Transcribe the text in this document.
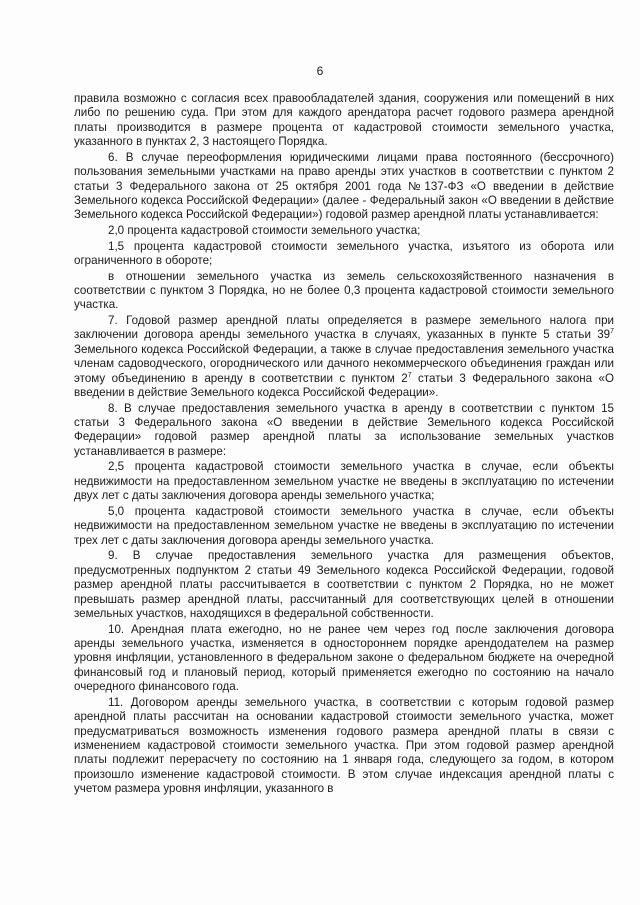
6

правила возможно с согласия всех правообладателей здания, сооружения или помещений в них либо по решению суда. При этом для каждого арендатора расчет годового размера арендной платы производится в размере процента от кадастровой стоимости земельного участка, указанного в пунктах 2, 3 настоящего Порядка.

6. В случае переоформления юридическими лицами права постоянного (бессрочного) пользования земельными участками на право аренды этих участков в соответствии с пунктом 2 статьи 3 Федерального закона от 25 октября 2001 года №137-ФЗ «О введении в действие Земельного кодекса Российской Федерации» (далее - Федеральный закон «О введении в действие Земельного кодекса Российской Федерации») годовой размер арендной платы устанавливается:

2,0 процента кадастровой стоимости земельного участка;

1,5 процента кадастровой стоимости земельного участка, изъятого из оборота или ограниченного в обороте;

в отношении земельного участка из земель сельскохозяйственного назначения в соответствии с пунктом 3 Порядка, но не более 0,3 процента кадастровой стоимости земельного участка.

7. Годовой размер арендной платы определяется в размере земельного налога при заключении договора аренды земельного участка в случаях, указанных в пункте 5 статьи $39^7$ Земельного кодекса Российской Федерации, а также в случае предоставления земельного участка членам садоводческого, огороднического или дачного некоммерческого объединения граждан или этому объединению в аренду в соответствии с пунктом $2^7$ статьи 3 Федерального закона «О введении в действие Земельного кодекса Российской Федерации».

8. В случае предоставления земельного участка в аренду в соответствии с пунктом 15 статьи 3 Федерального закона «О введении в действие Земельного кодекса Российской Федерации» годовой размер арендной платы за использование земельных участков устанавливается в размере:

2,5 процента кадастровой стоимости земельного участка в случае, если объекты недвижимости на предоставленном земельном участке не введены в эксплуатацию по истечении двух лет с даты заключения договора аренды земельного участка;

5,0 процента кадастровой стоимости земельного участка в случае, если объекты недвижимости на предоставленном земельном участке не введены в эксплуатацию по истечении трех лет с даты заключения договора аренды земельного участка.

9. В случае предоставления земельного участка для размещения объектов, предусмотренных подпунктом 2 статьи 49 Земельного кодекса Российской Федерации, годовой размер арендной платы рассчитывается в соответствии с пунктом 2 Порядка, но не может превышать размер арендной платы, рассчитанный для соответствующих целей в отношении земельных участков, находящихся в федеральной собственности.

10. Арендная плата ежегодно, но не ранее чем через год после заключения договора аренды земельного участка, изменяется в одностороннем порядке арендодателем на размер уровня инфляции, установленного в федеральном законе о федеральном бюджете на очередной финансовый год и плановый период, который применяется ежегодно по состоянию на начало очередного финансового года.

11. Договором аренды земельного участка, в соответствии с которым годовой размер арендной платы рассчитан на основании кадастровой стоимости земельного участка, может предусматриваться возможность изменения годового размера арендной платы в связи с изменением кадастровой стоимости земельного участка. При этом годовой размер арендной платы подлежит перерасчету по состоянию на 1 января года, следующего за годом, в котором произошло изменение кадастровой стоимости. В этом случае индексация арендной платы с учетом размера уровня инфляции, указанного в
